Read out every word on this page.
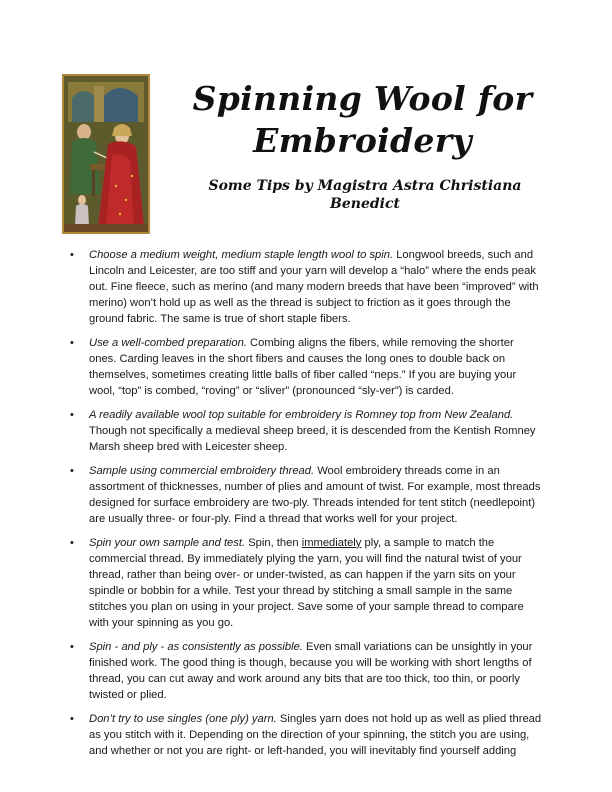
Spinning Wool for
Embroidery
Some Tips by Magistra Astra Christiana Benedict
• Choose a medium weight, medium staple length wool to spin. Longwool breeds, such and Lincoln and Leicester, are too stiff and your yarn will develop a “halo” where the ends peak out. Fine fleece, such as merino (and many modern breeds that have been “improved” with merino) won’t hold up as well as the thread is subject to friction as it goes through the ground fabric. The same is true of short staple fibers.
• Use a well-combed preparation. Combing aligns the fibers, while removing the shorter ones. Carding leaves in the short fibers and causes the long ones to double back on themselves, sometimes creating little balls of fiber called “neps.” If you are buying your wool, “top” is combed, “roving” or “sliver” (pronounced “sly-ver”) is carded.
• A readily available wool top suitable for embroidery is Romney top from New Zealand. Though not specifically a medieval sheep breed, it is descended from the Kentish Romney Marsh sheep bred with Leicester sheep.
• Sample using commercial embroidery thread. Wool embroidery threads come in an assortment of thicknesses, number of plies and amount of twist. For example, most threads designed for surface embroidery are two-ply. Threads intended for tent stitch (needlepoint) are usually three- or four-ply. Find a thread that works well for your project.
• Spin your own sample and test. Spin, then immediately ply, a sample to match the commercial thread. By immediately plying the yarn, you will find the natural twist of your thread, rather than being over- or under-twisted, as can happen if the yarn sits on your spindle or bobbin for a while. Test your thread by stitching a small sample in the same stitches you plan on using in your project. Save some of your sample thread to compare with your spinning as you go.
• Spin - and ply - as consistently as possible. Even small variations can be unsightly in your finished work. The good thing is though, because you will be working with short lengths of thread, you can cut away and work around any bits that are too thick, too thin, or poorly twisted or plied.
• Don’t try to use singles (one ply) yarn. Singles yarn does not hold up as well as plied thread as you stitch with it. Depending on the direction of your spinning, the stitch you are using, and whether or not you are right- or left-handed, you will inevitably find yourself adding
